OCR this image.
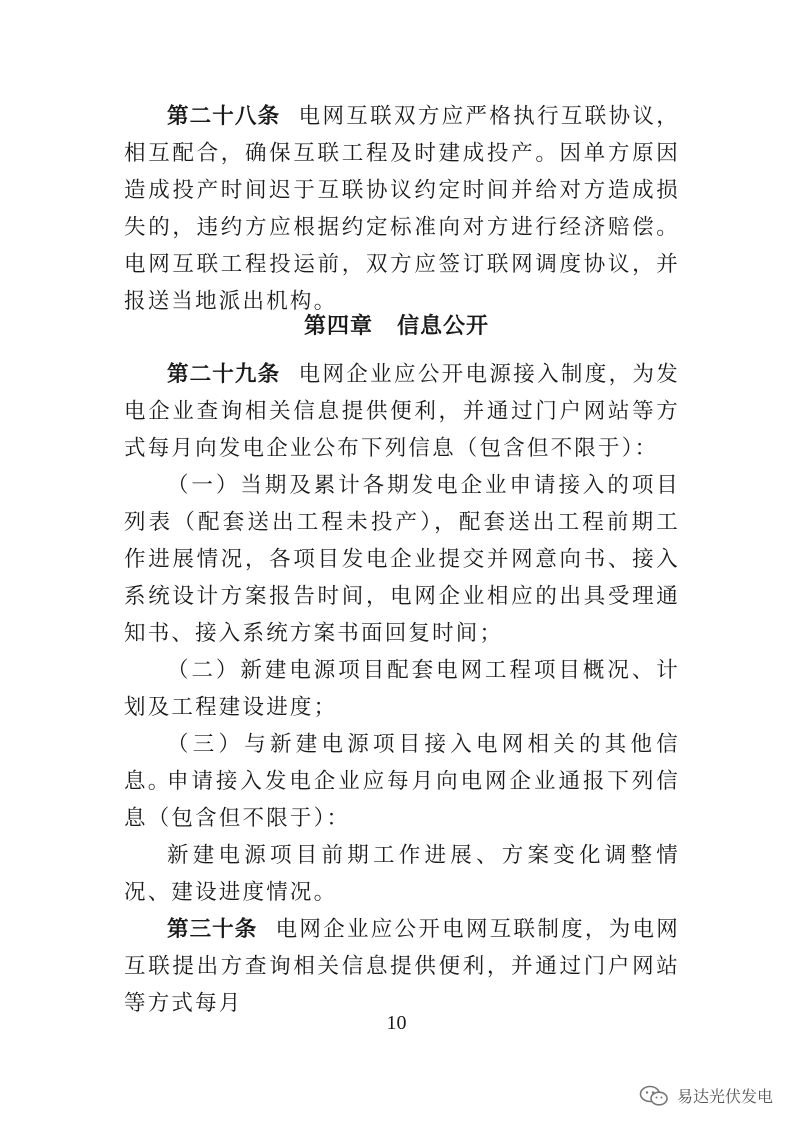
第二十八条 电网互联双方应严格执行互联协议，相互配合，确保互联工程及时建成投产。因单方原因造成投产时间迟于互联协议约定时间并给对方造成损失的，违约方应根据约定标准向对方进行经济赔偿。电网互联工程投运前，双方应签订联网调度协议，并报送当地派出机构。

第四章 信息公开

第二十九条 电网企业应公开电源接入制度，为发电企业查询相关信息提供便利，并通过门户网站等方式每月向发电企业公布下列信息（包含但不限于）：

（一）当期及累计各期发电企业申请接入的项目列表（配套送出工程未投产），配套送出工程前期工作进展情况，各项目发电企业提交并网意向书、接入系统设计方案报告时间，电网企业相应的出具受理通知书、接入系统方案书面回复时间；

（二）新建电源项目配套电网工程项目概况、计划及工程建设进度；

（三）与新建电源项目接入电网相关的其他信息。

申请接入发电企业应每月向电网企业通报下列信息（包含但不限于）：

新建电源项目前期工作进展、方案变化调整情况、建设进度情况。

第三十条 电网企业应公开电网互联制度，为电网互联提出方查询相关信息提供便利，并通过门户网站等方式每月

10
易达光伏发电
